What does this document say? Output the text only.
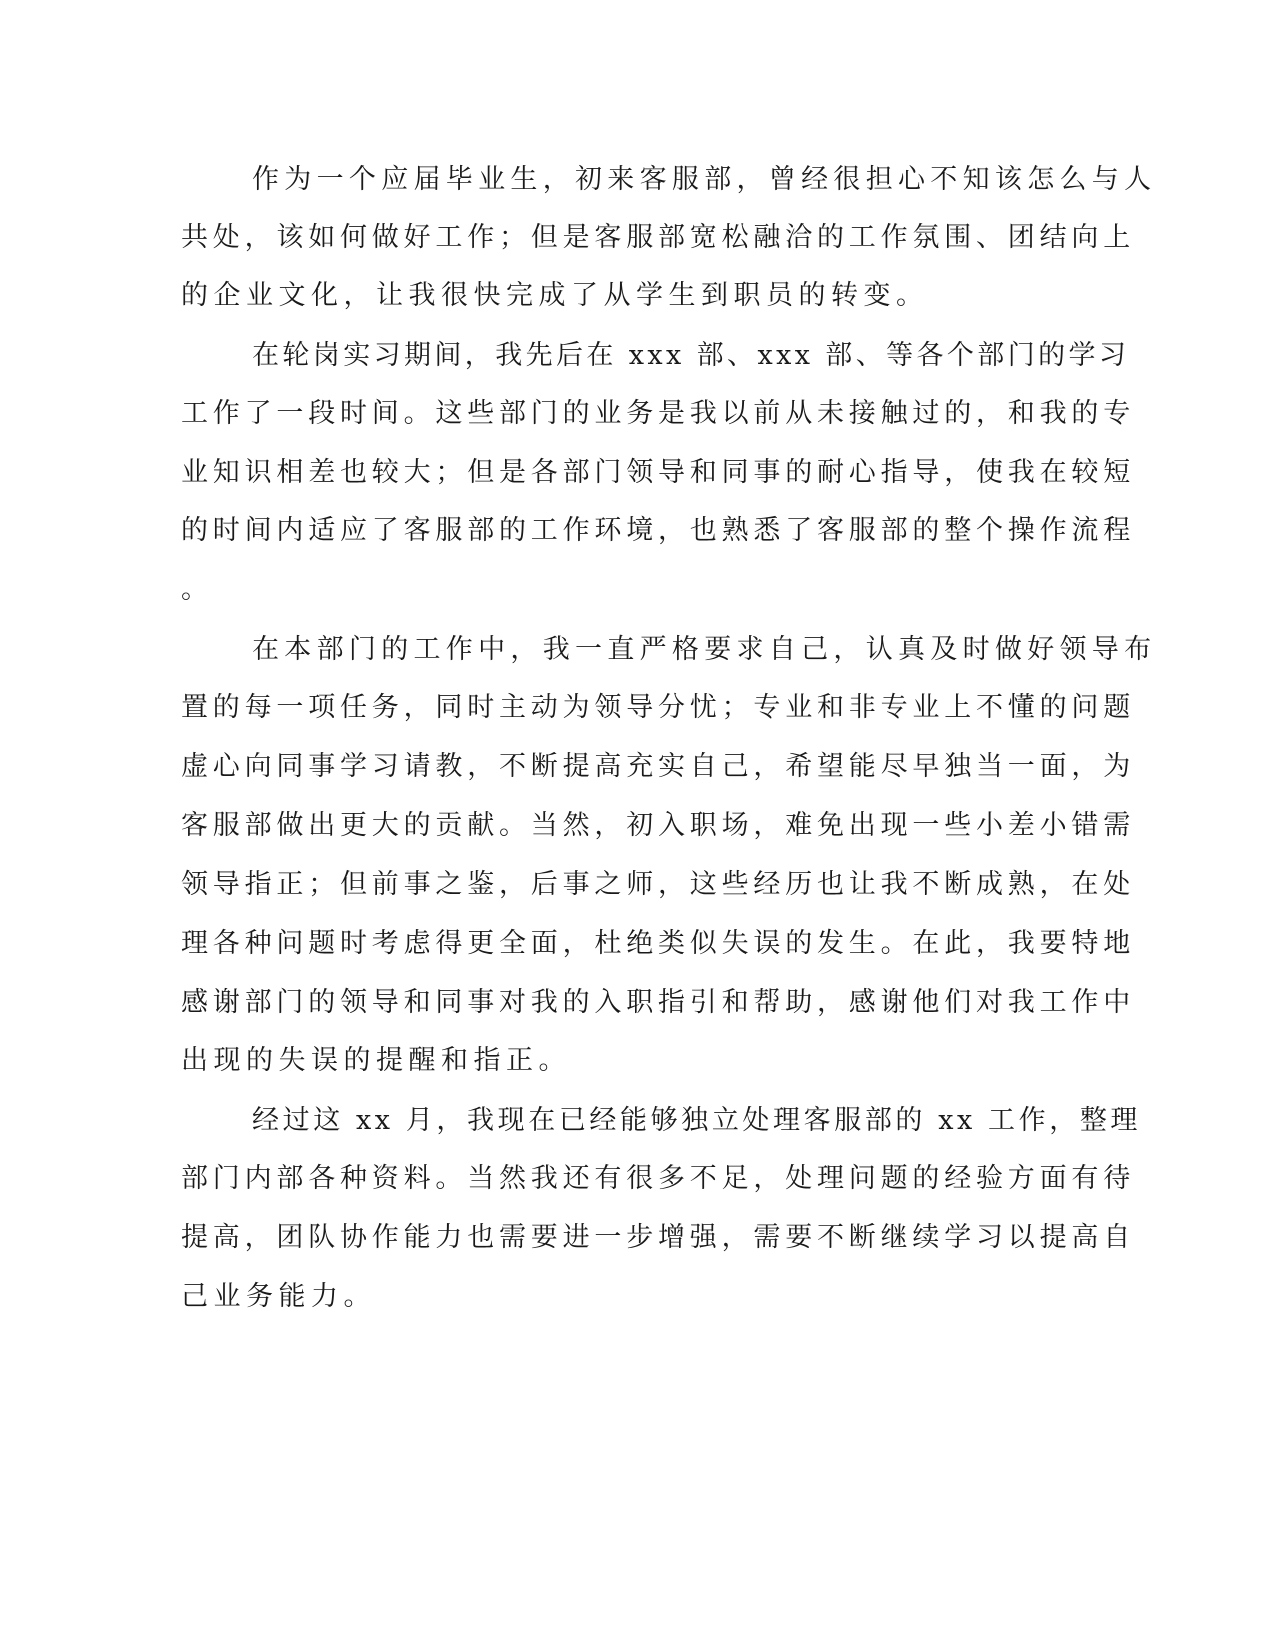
作为一个应届毕业生，初来客服部，曾经很担心不知该怎么与人
共处，该如何做好工作；但是客服部宽松融洽的工作氛围、团结向上
的企业文化，让我很快完成了从学生到职员的转变。
在轮岗实习期间，我先后在 xxx 部、xxx 部、等各个部门的学习
工作了一段时间。这些部门的业务是我以前从未接触过的，和我的专
业知识相差也较大；但是各部门领导和同事的耐心指导，使我在较短
的时间内适应了客服部的工作环境，也熟悉了客服部的整个操作流程
。
在本部门的工作中，我一直严格要求自己，认真及时做好领导布
置的每一项任务，同时主动为领导分忧；专业和非专业上不懂的问题
虚心向同事学习请教，不断提高充实自己，希望能尽早独当一面，为
客服部做出更大的贡献。当然，初入职场，难免出现一些小差小错需
领导指正；但前事之鉴，后事之师，这些经历也让我不断成熟，在处
理各种问题时考虑得更全面，杜绝类似失误的发生。在此，我要特地
感谢部门的领导和同事对我的入职指引和帮助，感谢他们对我工作中
出现的失误的提醒和指正。
经过这 xx 月，我现在已经能够独立处理客服部的 xx 工作，整理
部门内部各种资料。当然我还有很多不足，处理问题的经验方面有待
提高，团队协作能力也需要进一步增强，需要不断继续学习以提高自
己业务能力。
